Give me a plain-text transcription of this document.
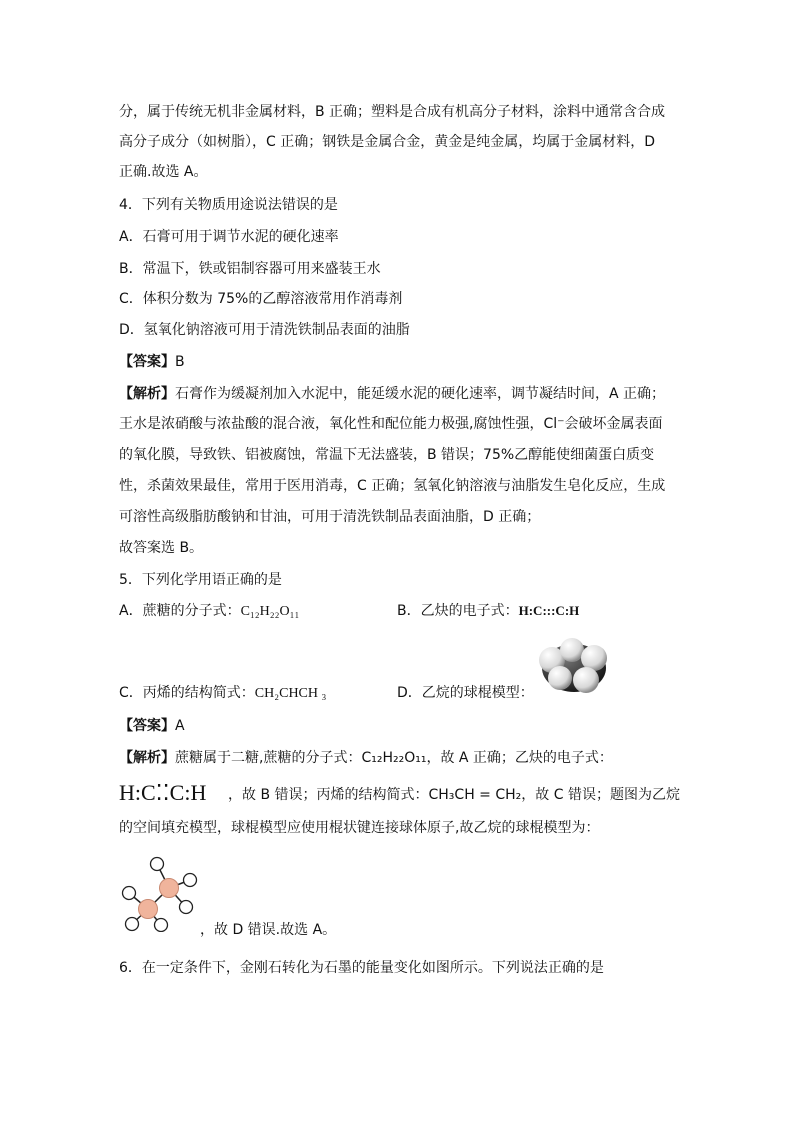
分，属于传统无机非金属材料，B 正确；塑料是合成有机高分子材料，涂料中通常含合成
高分子成分（如树脂），C 正确；钢铁是金属合金，黄金是纯金属，均属于金属材料，D
正确.故选 A。
4．下列有关物质用途说法错误的是
A．石膏可用于调节水泥的硬化速率
B．常温下，铁或铝制容器可用来盛装王水
C．体积分数为 75%的乙醇溶液常用作消毒剂
D．氢氧化钠溶液可用于清洗铁制品表面的油脂
【答案】B
【解析】石膏作为缓凝剂加入水泥中，能延缓水泥的硬化速率，调节凝结时间，A 正确；
王水是浓硝酸与浓盐酸的混合液，氧化性和配位能力极强,腐蚀性强，Cl⁻会破坏金属表面
的氧化膜，导致铁、铝被腐蚀，常温下无法盛装，B 错误；75%乙醇能使细菌蛋白质变
性，杀菌效果最佳，常用于医用消毒，C 正确；氢氧化钠溶液与油脂发生皂化反应，生成
可溶性高级脂肪酸钠和甘油，可用于清洗铁制品表面油脂，D 正确；
故答案选 B。
5．下列化学用语正确的是
A．蔗糖的分子式：C₁₂H₂₂O₁₁	B．乙炔的电子式：H:C:::C:H
C．丙烯的结构简式：CH₂CHCH ₃	D．乙烷的球棍模型：
【答案】A
【解析】蔗糖属于二糖,蔗糖的分子式：C₁₂H₂₂O₁₁，故 A 正确；乙炔的电子式：
H:C⁚⁚C:H ，故 B 错误；丙烯的结构简式：CH₃CH = CH₂，故 C 错误；题图为乙烷
的空间填充模型，球棍模型应使用棍状键连接球体原子,故乙烷的球棍模型为：
，故 D 错误.故选 A。
6．在一定条件下，金刚石转化为石墨的能量变化如图所示。下列说法正确的是
